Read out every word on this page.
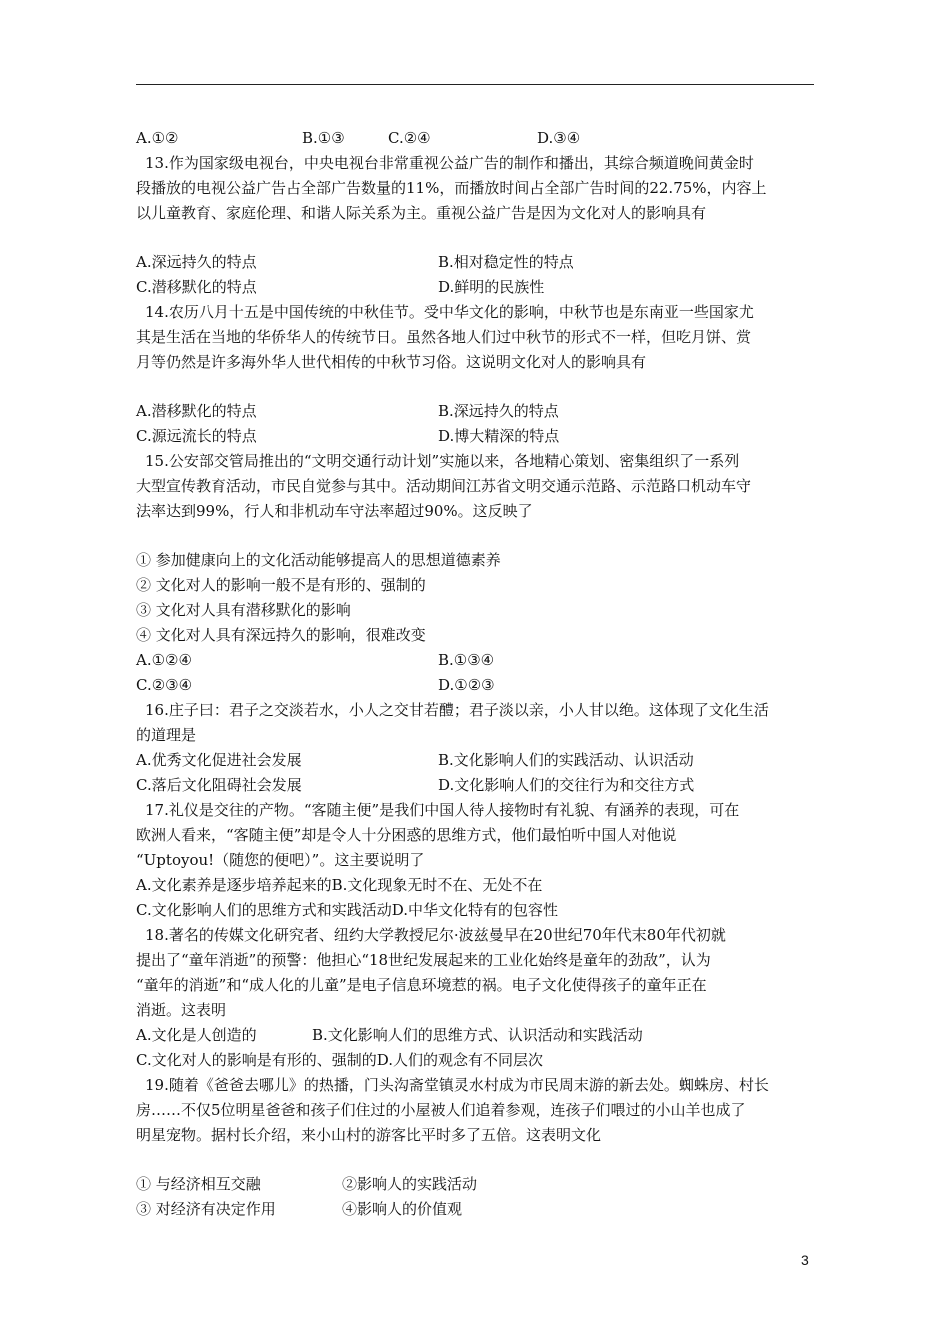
A.①②	B.①③	C.②④	D.③④
13.作为国家级电视台，中央电视台非常重视公益广告的制作和播出，其综合频道晚间黄金时
段播放的电视公益广告占全部广告数量的11%，而播放时间占全部广告时间的22.75%，内容上
以儿童教育、家庭伦理、和谐人际关系为主。重视公益广告是因为文化对人的影响具有
A.深远持久的特点	B.相对稳定性的特点
C.潜移默化的特点	D.鲜明的民族性
14.农历八月十五是中国传统的中秋佳节。受中华文化的影响，中秋节也是东南亚一些国家尤
其是生活在当地的华侨华人的传统节日。虽然各地人们过中秋节的形式不一样，但吃月饼、赏
月等仍然是许多海外华人世代相传的中秋节习俗。这说明文化对人的影响具有
A.潜移默化的特点	B.深远持久的特点
C.源远流长的特点	D.博大精深的特点
15.公安部交管局推出的“文明交通行动计划”实施以来，各地精心策划、密集组织了一系列
大型宣传教育活动，市民自觉参与其中。活动期间江苏省文明交通示范路、示范路口机动车守
法率达到99%，行人和非机动车守法率超过90%。这反映了
① 参加健康向上的文化活动能够提高人的思想道德素养
② 文化对人的影响一般不是有形的、强制的
③ 文化对人具有潜移默化的影响
④ 文化对人具有深远持久的影响，很难改变
A.①②④	B.①③④
C.②③④	D.①②③
16.庄子曰：君子之交淡若水，小人之交甘若醴；君子淡以亲，小人甘以绝。这体现了文化生活
的道理是
A.优秀文化促进社会发展	B.文化影响人们的实践活动、认识活动
C.落后文化阻碍社会发展	D.文化影响人们的交往行为和交往方式
17.礼仪是交往的产物。“客随主便”是我们中国人待人接物时有礼貌、有涵养的表现，可在
欧洲人看来，“客随主便”却是令人十分困惑的思维方式，他们最怕听中国人对他说
“Uptoyou!（随您的便吧）”。这主要说明了
A.文化素养是逐步培养起来的B.文化现象无时不在、无处不在
C.文化影响人们的思维方式和实践活动D.中华文化特有的包容性
18.著名的传媒文化研究者、纽约大学教授尼尔·波兹曼早在20世纪70年代末80年代初就
提出了“童年消逝”的预警：他担心“18世纪发展起来的工业化始终是童年的劲敌”，认为
“童年的消逝”和“成人化的儿童”是电子信息环境惹的祸。电子文化使得孩子的童年正在
消逝。这表明
A.文化是人创造的	B.文化影响人们的思维方式、认识活动和实践活动
C.文化对人的影响是有形的、强制的D.人们的观念有不同层次
19.随着《爸爸去哪儿》的热播，门头沟斋堂镇灵水村成为市民周末游的新去处。蜘蛛房、村长
房……不仅5位明星爸爸和孩子们住过的小屋被人们追着参观，连孩子们喂过的小山羊也成了
明星宠物。据村长介绍，来小山村的游客比平时多了五倍。这表明文化
① 与经济相互交融	②影响人的实践活动
③ 对经济有决定作用	④影响人的价值观
3
